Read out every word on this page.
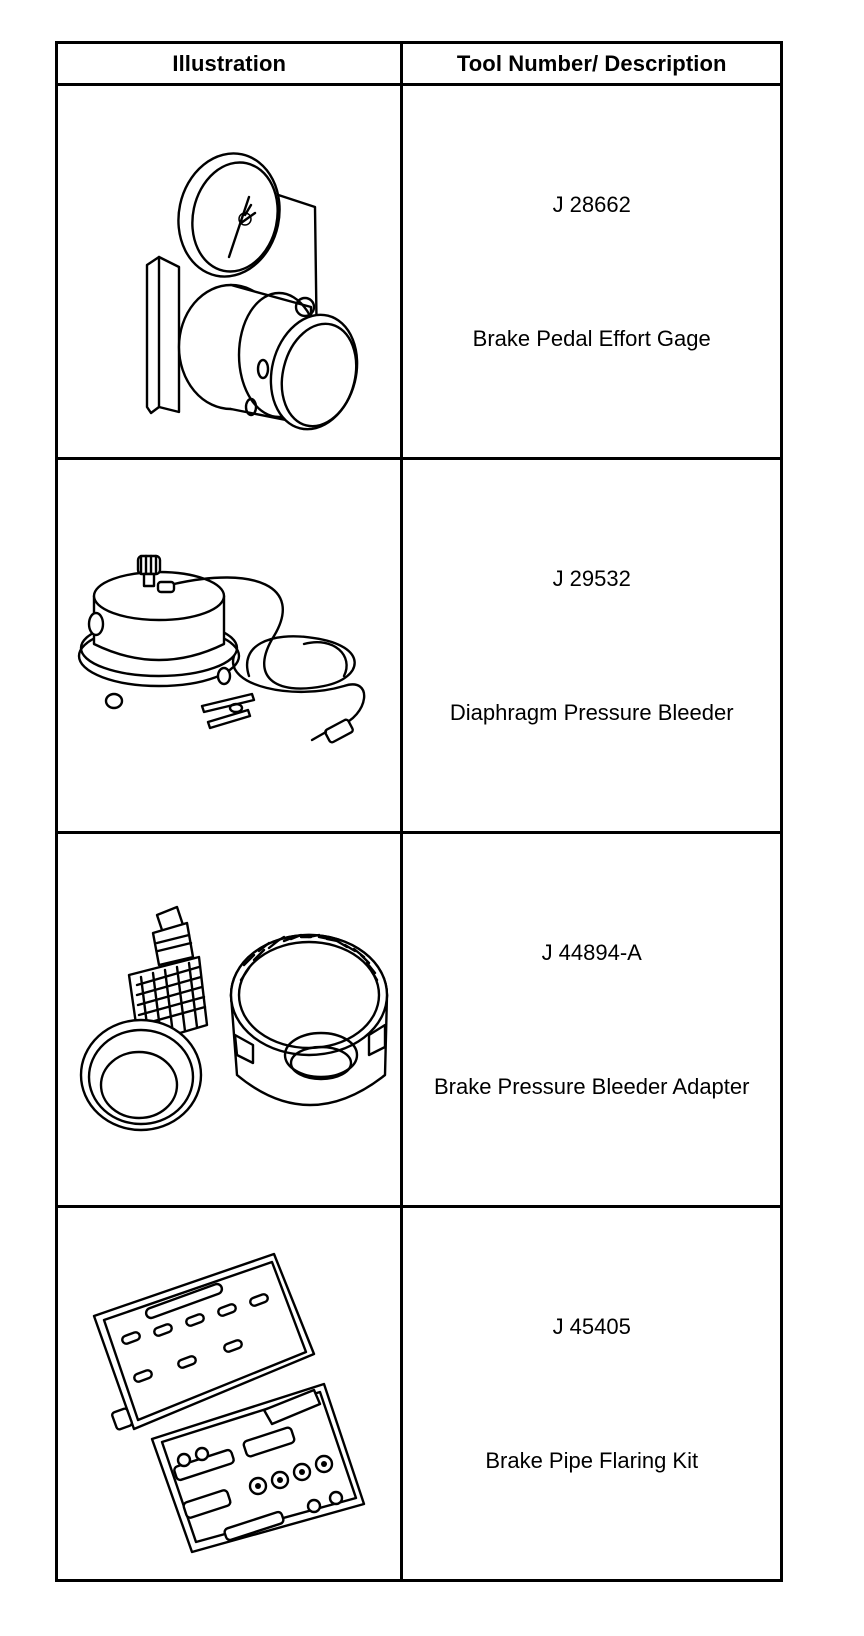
Illustration	Tool Number/ Description

J 28662
Brake Pedal Effort Gage

J 29532
Diaphragm Pressure Bleeder

J 44894-A
Brake Pressure Bleeder Adapter

J 45405
Brake Pipe Flaring Kit
